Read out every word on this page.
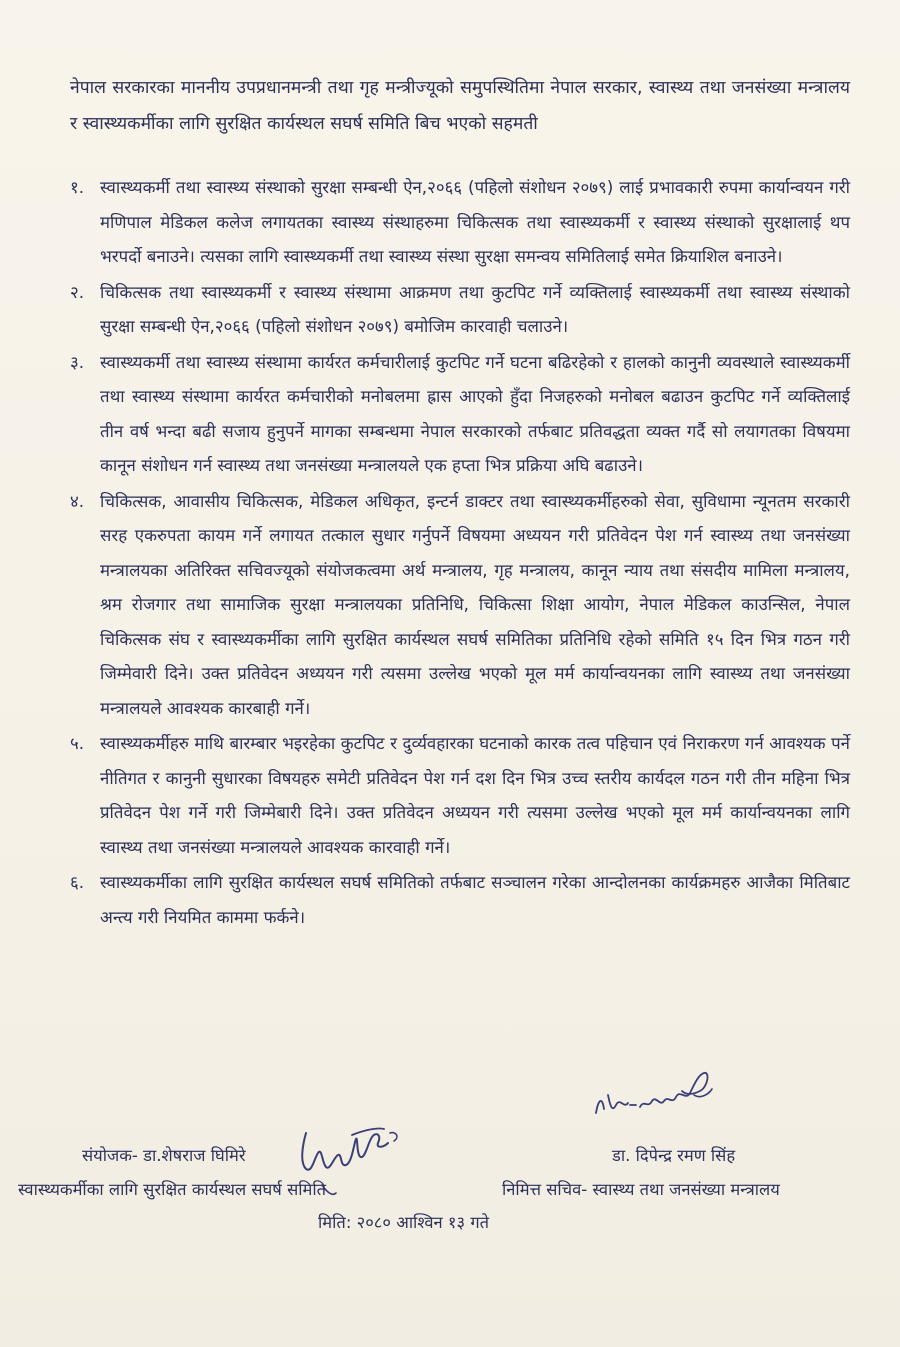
नेपाल सरकारका माननीय उपप्रधानमन्त्री तथा गृह मन्त्रीज्यूको समुपस्थितिमा नेपाल सरकार, स्वास्थ्य तथा जनसंख्या मन्त्रालय र स्वास्थ्यकर्मीका लागि सुरक्षित कार्यस्थल सघर्ष समिति बिच भएको सहमती
१. स्वास्थ्यकर्मी तथा स्वास्थ्य संस्थाको सुरक्षा सम्बन्धी ऐन,२०६६ (पहिलो संशोधन २०७९) लाई प्रभावकारी रुपमा कार्यान्वयन गरी मणिपाल मेडिकल कलेज लगायतका स्वास्थ्य संस्थाहरुमा चिकित्सक तथा स्वास्थ्यकर्मी र स्वास्थ्य संस्थाको सुरक्षालाई थप भरपर्दो बनाउने। त्यसका लागि स्वास्थ्यकर्मी तथा स्वास्थ्य संस्था सुरक्षा समन्वय समितिलाई समेत क्रियाशिल बनाउने।
२. चिकित्सक तथा स्वास्थ्यकर्मी र स्वास्थ्य संस्थामा आक्रमण तथा कुटपिट गर्ने व्यक्तिलाई स्वास्थ्यकर्मी तथा स्वास्थ्य संस्थाको सुरक्षा सम्बन्धी ऐन,२०६६ (पहिलो संशोधन २०७९) बमोजिम कारवाही चलाउने।
३. स्वास्थ्यकर्मी तथा स्वास्थ्य संस्थामा कार्यरत कर्मचारीलाई कुटपिट गर्ने घटना बढिरहेको र हालको कानुनी व्यवस्थाले स्वास्थ्यकर्मी तथा स्वास्थ्य संस्थामा कार्यरत कर्मचारीको मनोबलमा ह्रास आएको हुँदा निजहरुको मनोबल बढाउन कुटपिट गर्ने व्यक्तिलाई तीन वर्ष भन्दा बढी सजाय हुनुपर्ने मागका सम्बन्धमा नेपाल सरकारको तर्फबाट प्रतिवद्धता व्यक्त गर्दै सो लयागतका विषयमा कानून संशोधन गर्न स्वास्थ्य तथा जनसंख्या मन्त्रालयले एक हप्ता भित्र प्रक्रिया अघि बढाउने।
४. चिकित्सक, आवासीय चिकित्सक, मेडिकल अधिकृत, इन्टर्न डाक्टर तथा स्वास्थ्यकर्मीहरुको सेवा, सुविधामा न्यूनतम सरकारी सरह एकरुपता कायम गर्ने लगायत तत्काल सुधार गर्नुपर्ने विषयमा अध्ययन गरी प्रतिवेदन पेश गर्न स्वास्थ्य तथा जनसंख्या मन्त्रालयका अतिरिक्त सचिवज्यूको संयोजकत्वमा अर्थ मन्त्रालय, गृह मन्त्रालय, कानून न्याय तथा संसदीय मामिला मन्त्रालय, श्रम रोजगार तथा सामाजिक सुरक्षा मन्त्रालयका प्रतिनिधि, चिकित्सा शिक्षा आयोग, नेपाल मेडिकल काउन्सिल, नेपाल चिकित्सक संघ र स्वास्थ्यकर्मीका लागि सुरक्षित कार्यस्थल सघर्ष समितिका प्रतिनिधि रहेको समिति १५ दिन भित्र गठन गरी जिम्मेवारी दिने। उक्त प्रतिवेदन अध्ययन गरी त्यसमा उल्लेख भएको मूल मर्म कार्यान्वयनका लागि स्वास्थ्य तथा जनसंख्या मन्त्रालयले आवश्यक कारबाही गर्ने।
५. स्वास्थ्यकर्मीहरु माथि बारम्बार भइरहेका कुटपिट र दुर्व्यवहारका घटनाको कारक तत्व पहिचान एवं निराकरण गर्न आवश्यक पर्ने नीतिगत र कानुनी सुधारका विषयहरु समेटी प्रतिवेदन पेश गर्न दश दिन भित्र उच्च स्तरीय कार्यदल गठन गरी तीन महिना भित्र प्रतिवेदन पेश गर्ने गरी जिम्मेबारी दिने। उक्त प्रतिवेदन अध्ययन गरी त्यसमा उल्लेख भएको मूल मर्म कार्यान्वयनका लागि स्वास्थ्य तथा जनसंख्या मन्त्रालयले आवश्यक कारवाही गर्ने।
६. स्वास्थ्यकर्मीका लागि सुरक्षित कार्यस्थल सघर्ष समितिको तर्फबाट सञ्चालन गरेका आन्दोलनका कार्यक्रमहरु आजैका मितिबाट अन्त्य गरी नियमित काममा फर्कने।
संयोजक- डा.शेषराज घिमिरे
स्वास्थ्यकर्मीका लागि सुरक्षित कार्यस्थल सघर्ष समिति
डा. दिपेन्द्र रमण सिंह
निमित्त सचिव- स्वास्थ्य तथा जनसंख्या मन्त्रालय
मिति: २०८० आश्विन १३ गते
